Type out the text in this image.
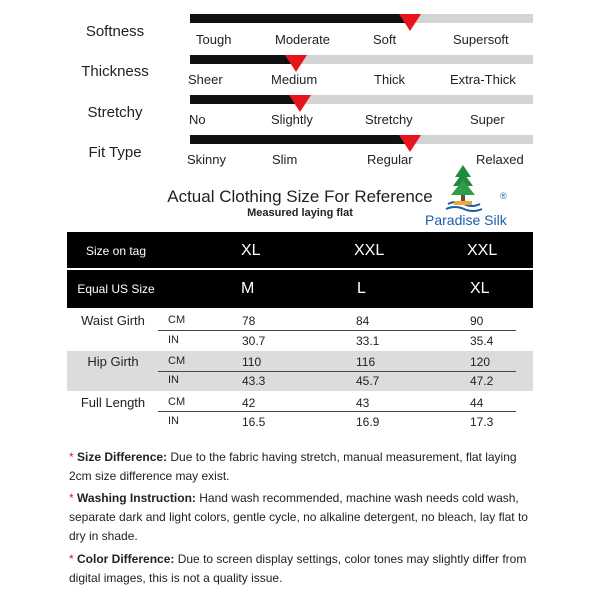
Softness	Tough	Moderate	Soft	Supersoft
Thickness	Sheer	Medium	Thick	Extra-Thick
Stretchy	No	Slightly	Stretchy	Super
Fit Type	Skinny	Slim	Regular	Relaxed
Actual Clothing Size For Reference
Measured laying flat	Paradise Silk
®
Size on tag	XL	XXL	XXL
Equal US Size	M	L	XL
Waist Girth	CM	78	84	90
IN	30.7	33.1	35.4
Hip Girth	CM	110	116	120
IN	43.3	45.7	47.2
Full Length	CM	42	43	44
IN	16.5	16.9	17.3
* Size Difference: Due to the fabric having stretch, manual measurement, flat laying 2cm size difference may exist.
* Washing Instruction: Hand wash recommended, machine wash needs cold wash, separate dark and light colors, gentle cycle, no alkaline detergent, no bleach, lay flat to dry in shade.
* Color Difference: Due to screen display settings, color tones may slightly differ from digital images, this is not a quality issue.
